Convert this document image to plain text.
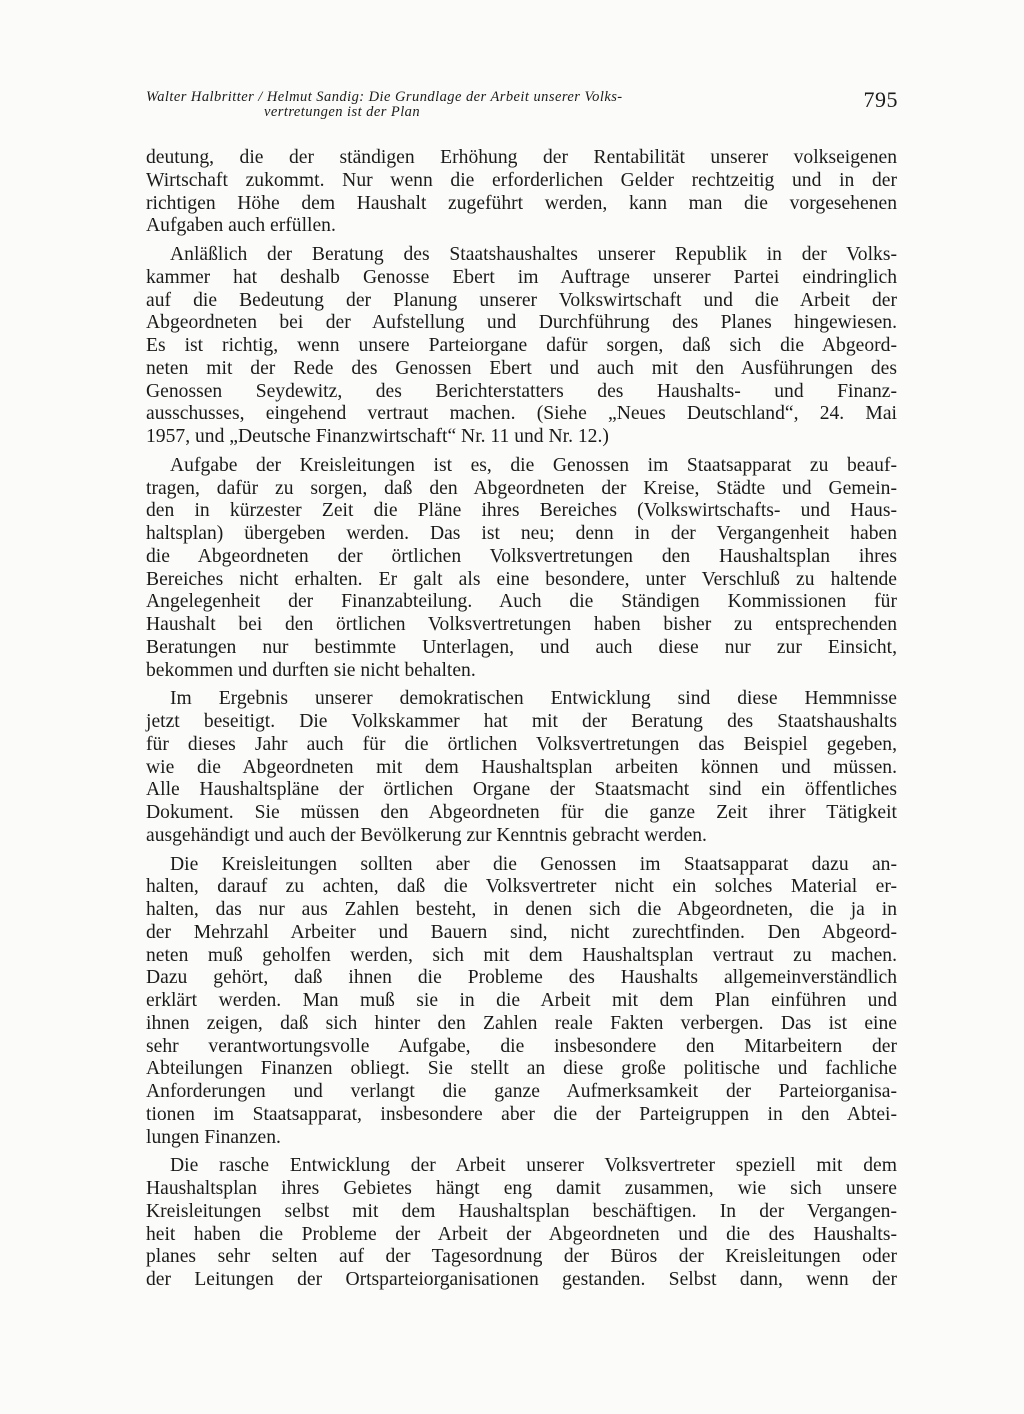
Walter Halbritter / Helmut Sandig: Die Grundlage der Arbeit unserer Volks-
vertretungen ist der Plan	795

deutung, die der ständigen Erhöhung der Rentabilität unserer volkseigenen
Wirtschaft zukommt. Nur wenn die erforderlichen Gelder rechtzeitig und in der
richtigen Höhe dem Haushalt zugeführt werden, kann man die vorgesehenen
Aufgaben auch erfüllen.

Anläßlich der Beratung des Staatshaushaltes unserer Republik in der Volks-
kammer hat deshalb Genosse Ebert im Auftrage unserer Partei eindringlich
auf die Bedeutung der Planung unserer Volkswirtschaft und die Arbeit der
Abgeordneten bei der Aufstellung und Durchführung des Planes hingewiesen.
Es ist richtig, wenn unsere Parteiorgane dafür sorgen, daß sich die Abgeord-
neten mit der Rede des Genossen Ebert und auch mit den Ausführungen des
Genossen Seydewitz, des Berichterstatters des Haushalts- und Finanz-
ausschusses, eingehend vertraut machen. (Siehe „Neues Deutschland“, 24. Mai
1957, und „Deutsche Finanzwirtschaft“ Nr. 11 und Nr. 12.)

Aufgabe der Kreisleitungen ist es, die Genossen im Staatsapparat zu beauf-
tragen, dafür zu sorgen, daß den Abgeordneten der Kreise, Städte und Gemein-
den in kürzester Zeit die Pläne ihres Bereiches (Volkswirtschafts- und Haus-
haltsplan) übergeben werden. Das ist neu; denn in der Vergangenheit haben
die Abgeordneten der örtlichen Volksvertretungen den Haushaltsplan ihres
Bereiches nicht erhalten. Er galt als eine besondere, unter Verschluß zu haltende
Angelegenheit der Finanzabteilung. Auch die Ständigen Kommissionen für
Haushalt bei den örtlichen Volksvertretungen haben bisher zu entsprechenden
Beratungen nur bestimmte Unterlagen, und auch diese nur zur Einsicht,
bekommen und durften sie nicht behalten.

Im Ergebnis unserer demokratischen Entwicklung sind diese Hemmnisse
jetzt beseitigt. Die Volkskammer hat mit der Beratung des Staatshaushalts
für dieses Jahr auch für die örtlichen Volksvertretungen das Beispiel gegeben,
wie die Abgeordneten mit dem Haushaltsplan arbeiten können und müssen.
Alle Haushaltspläne der örtlichen Organe der Staatsmacht sind ein öffentliches
Dokument. Sie müssen den Abgeordneten für die ganze Zeit ihrer Tätigkeit
ausgehändigt und auch der Bevölkerung zur Kenntnis gebracht werden.

Die Kreisleitungen sollten aber die Genossen im Staatsapparat dazu an-
halten, darauf zu achten, daß die Volksvertreter nicht ein solches Material er-
halten, das nur aus Zahlen besteht, in denen sich die Abgeordneten, die ja in
der Mehrzahl Arbeiter und Bauern sind, nicht zurechtfinden. Den Abgeord-
neten muß geholfen werden, sich mit dem Haushaltsplan vertraut zu machen.
Dazu gehört, daß ihnen die Probleme des Haushalts allgemeinverständlich
erklärt werden. Man muß sie in die Arbeit mit dem Plan einführen und
ihnen zeigen, daß sich hinter den Zahlen reale Fakten verbergen. Das ist eine
sehr verantwortungsvolle Aufgabe, die insbesondere den Mitarbeitern der
Abteilungen Finanzen obliegt. Sie stellt an diese große politische und fachliche
Anforderungen und verlangt die ganze Aufmerksamkeit der Parteiorganisa-
tionen im Staatsapparat, insbesondere aber die der Parteigruppen in den Abtei-
lungen Finanzen.

Die rasche Entwicklung der Arbeit unserer Volksvertreter speziell mit dem
Haushaltsplan ihres Gebietes hängt eng damit zusammen, wie sich unsere
Kreisleitungen selbst mit dem Haushaltsplan beschäftigen. In der Vergangen-
heit haben die Probleme der Arbeit der Abgeordneten und die des Haushalts-
planes sehr selten auf der Tagesordnung der Büros der Kreisleitungen oder
der Leitungen der Ortsparteiorganisationen gestanden. Selbst dann, wenn der
